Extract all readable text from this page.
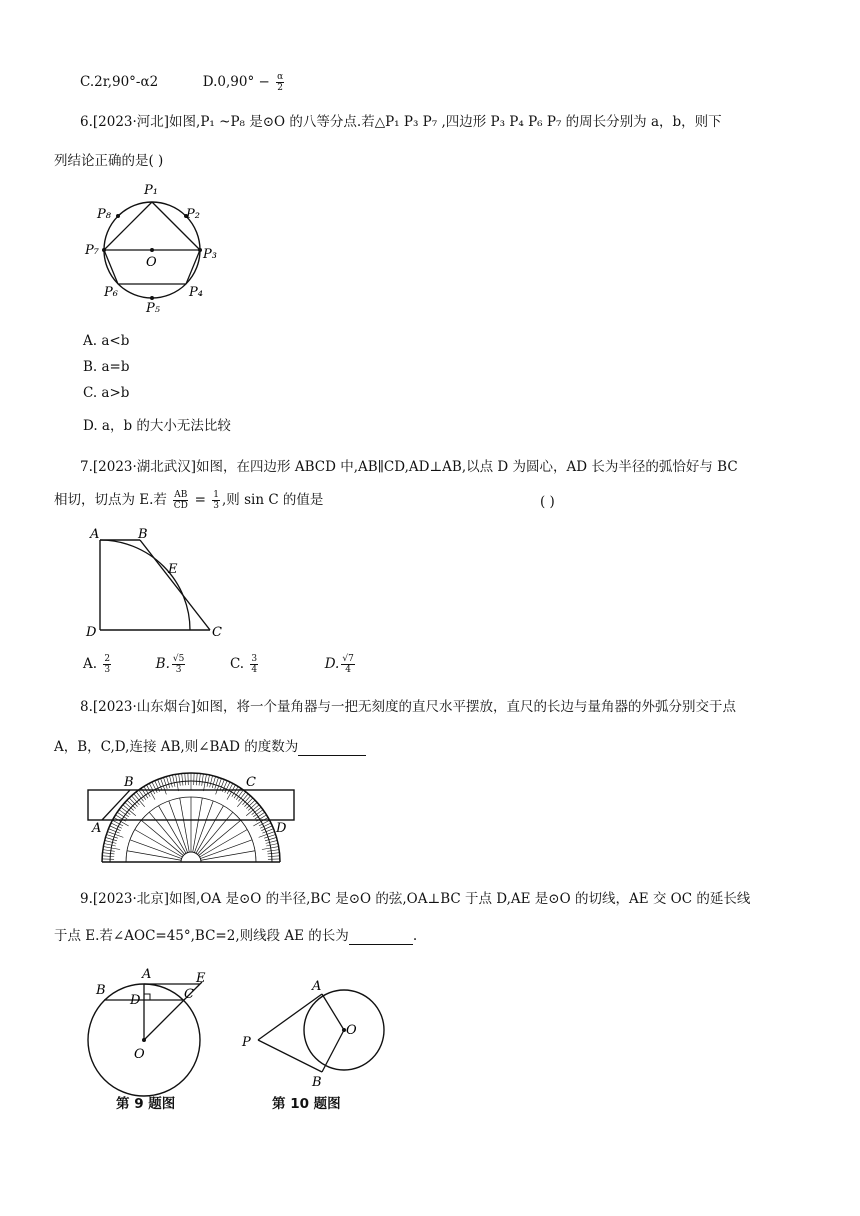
C.2r,90°-α2	$D.0,90^\circ - \frac{\alpha}{2}$
6.[2023·河北]如图,P₁ ~P₈ 是⊙O 的八等分点.若△P₁ P₃ P₇ ,四边形 P₃ P₄ P₆ P₇ 的周长分别为 a，b，则下
列结论正确的是( )
P₁
P₂
P₃
P₄
P₅
P₆
P₇
P₈
O
A. a<b
B. a=b
C. a>b
D. a，b 的大小无法比较
7.[2023·湖北武汉]如图，在四边形 ABCD 中,AB∥CD,AD⊥AB,以点 D 为圆心，AD 长为半径的弧恰好与 BC
相切，切点为 E.若 $\frac{AB}{CD} = \frac{1}{3}$ ,则 sin C 的值是	( )
A	B
E
D	C
A. $\frac{2}{3}$	B. $\frac{√5}{3}$	C. $\frac{3}{4}$	D. $\frac{√7}{4}$
8.[2023·山东烟台]如图，将一个量角器与一把无刻度的直尺水平摆放，直尺的长边与量角器的外弧分别交于点
A，B，C,D,连接 AB,则∠BAD 的度数为
B	C
A	D
9.[2023·北京]如图,OA 是⊙O 的半径,BC 是⊙O 的弦,OA⊥BC 于点 D,AE 是⊙O 的切线，AE 交 OC 的延长线
于点 E.若∠AOC=45°,BC=2,则线段 AE 的长为	.
A	E
B	C
D
O
第 9 题图
A
O
P
B
第 10 题图
